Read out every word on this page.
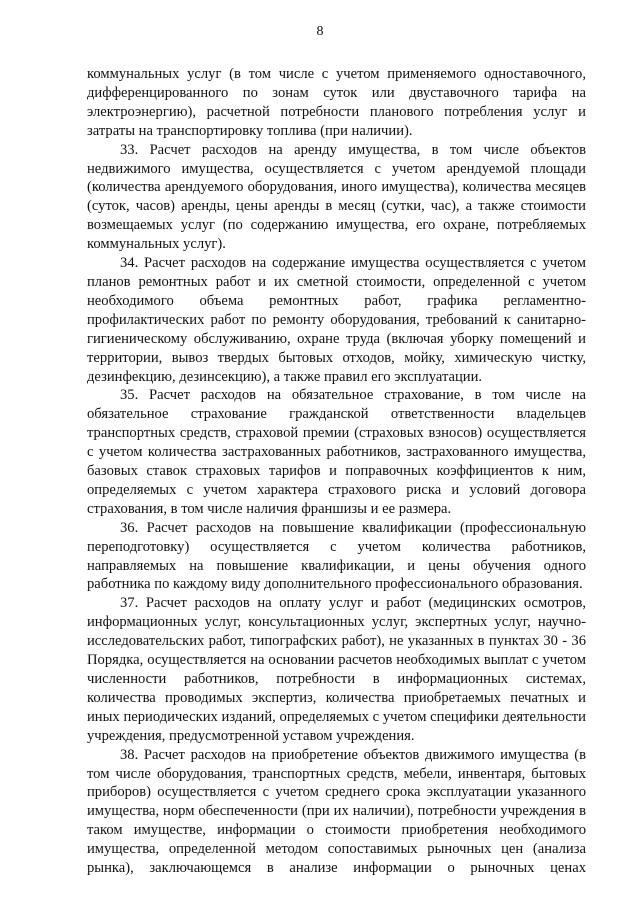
8

коммунальных услуг (в том числе с учетом применяемого одноставочного, дифференцированного по зонам суток или двуставочного тарифа на электроэнергию), расчетной потребности планового потребления услуг и затраты на транспортировку топлива (при наличии).

33. Расчет расходов на аренду имущества, в том числе объектов недвижимого имущества, осуществляется с учетом арендуемой площади (количества арендуемого оборудования, иного имущества), количества месяцев (суток, часов) аренды, цены аренды в месяц (сутки, час), а также стоимости возмещаемых услуг (по содержанию имущества, его охране, потребляемых коммунальных услуг).

34. Расчет расходов на содержание имущества осуществляется с учетом планов ремонтных работ и их сметной стоимости, определенной с учетом необходимого объема ремонтных работ, графика регламентно-профилактических работ по ремонту оборудования, требований к санитарно-гигиеническому обслуживанию, охране труда (включая уборку помещений и территории, вывоз твердых бытовых отходов, мойку, химическую чистку, дезинфекцию, дезинсекцию), а также правил его эксплуатации.

35. Расчет расходов на обязательное страхование, в том числе на обязательное страхование гражданской ответственности владельцев транспортных средств, страховой премии (страховых взносов) осуществляется с учетом количества застрахованных работников, застрахованного имущества, базовых ставок страховых тарифов и поправочных коэффициентов к ним, определяемых с учетом характера страхового риска и условий договора страхования, в том числе наличия франшизы и ее размера.

36. Расчет расходов на повышение квалификации (профессиональную переподготовку) осуществляется с учетом количества работников, направляемых на повышение квалификации, и цены обучения одного работника по каждому виду дополнительного профессионального образования.

37. Расчет расходов на оплату услуг и работ (медицинских осмотров, информационных услуг, консультационных услуг, экспертных услуг, научно-исследовательских работ, типографских работ), не указанных в пунктах 30 - 36 Порядка, осуществляется на основании расчетов необходимых выплат с учетом численности работников, потребности в информационных системах, количества проводимых экспертиз, количества приобретаемых печатных и иных периодических изданий, определяемых с учетом специфики деятельности учреждения, предусмотренной уставом учреждения.

38. Расчет расходов на приобретение объектов движимого имущества (в том числе оборудования, транспортных средств, мебели, инвентаря, бытовых приборов) осуществляется с учетом среднего срока эксплуатации указанного имущества, норм обеспеченности (при их наличии), потребности учреждения в таком имуществе, информации о стоимости приобретения необходимого имущества, определенной методом сопоставимых рыночных цен (анализа рынка), заключающемся в анализе информации о рыночных ценах
